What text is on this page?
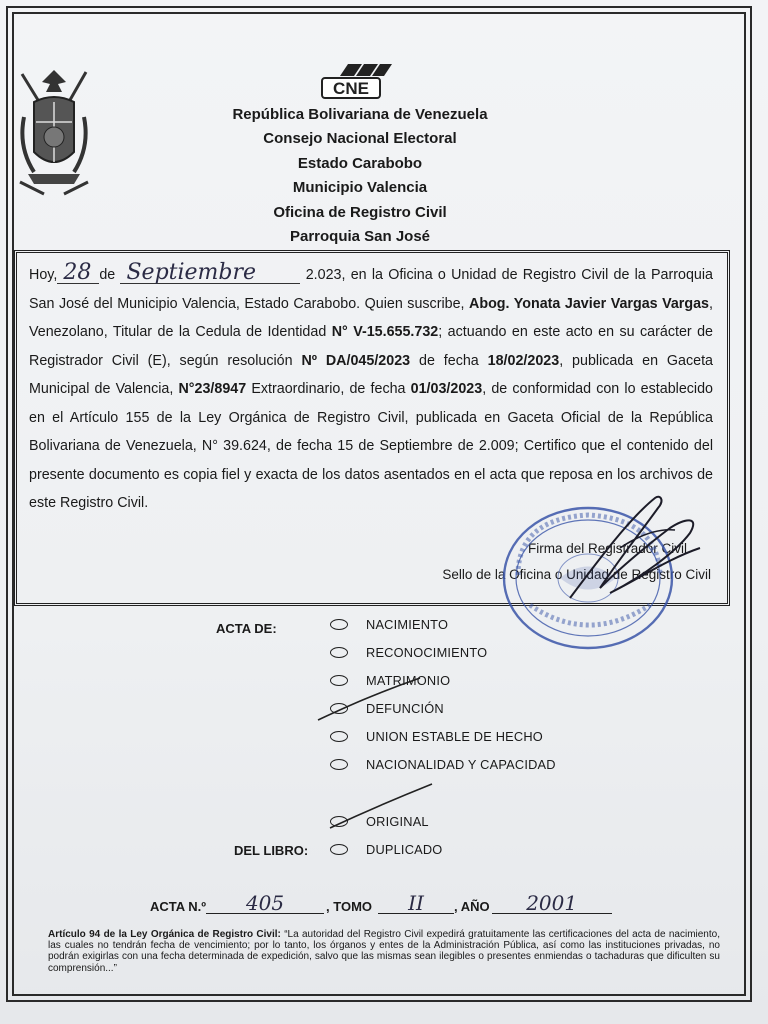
CNE
República Bolivariana de Venezuela
Consejo Nacional Electoral
Estado Carabobo
Municipio Valencia
Oficina de Registro Civil
Parroquia San José

Hoy, 28 de Septiembre	2.023, en la Oficina o Unidad de Registro Civil de la Parroquia San José del Municipio Valencia, Estado Carabobo. Quien suscribe, Abog. Yonata Javier Vargas Vargas, Venezolano, Titular de la Cedula de Identidad N° V-15.655.732; actuando en este acto en su carácter de Registrador Civil (E), según resolución Nº DA/045/2023 de fecha 18/02/2023, publicada en Gaceta Municipal de Valencia, N°23/8947 Extraordinario, de fecha 01/03/2023, de conformidad con lo establecido en el Artículo 155 de la Ley Orgánica de Registro Civil, publicada en Gaceta Oficial de la República Bolivariana de Venezuela, N° 39.624, de fecha 15 de Septiembre de 2.009; Certifico que el contenido del presente documento es copia fiel y exacta de los datos asentados en el acta que reposa en los archivos de este Registro Civil.

Firma del Registrador Civil
Sello de la Oficina o Unidad de Registro Civil
ACTA DE:	NACIMIENTO
RECONOCIMIENTO
MATRIMONIO
DEFUNCIÓN
UNION ESTABLE DE HECHO
NACIONALIDAD Y CAPACIDAD
ORIGINAL
DEL LIBRO:	DUPLICADO
ACTA N.º	405	, TOMO	II	, AÑO	2001
Artículo 94 de la Ley Orgánica de Registro Civil: “La autoridad del Registro Civil expedirá gratuitamente las certificaciones del acta de nacimiento, las cuales no tendrán fecha de vencimiento; por lo tanto, los órganos y entes de la Administración Pública, así como las instituciones privadas, no podrán exigirlas con una fecha determinada de expedición, salvo que las mismas sean ilegibles o presentes enmiendas o tachaduras que dificulten su comprensión...”
